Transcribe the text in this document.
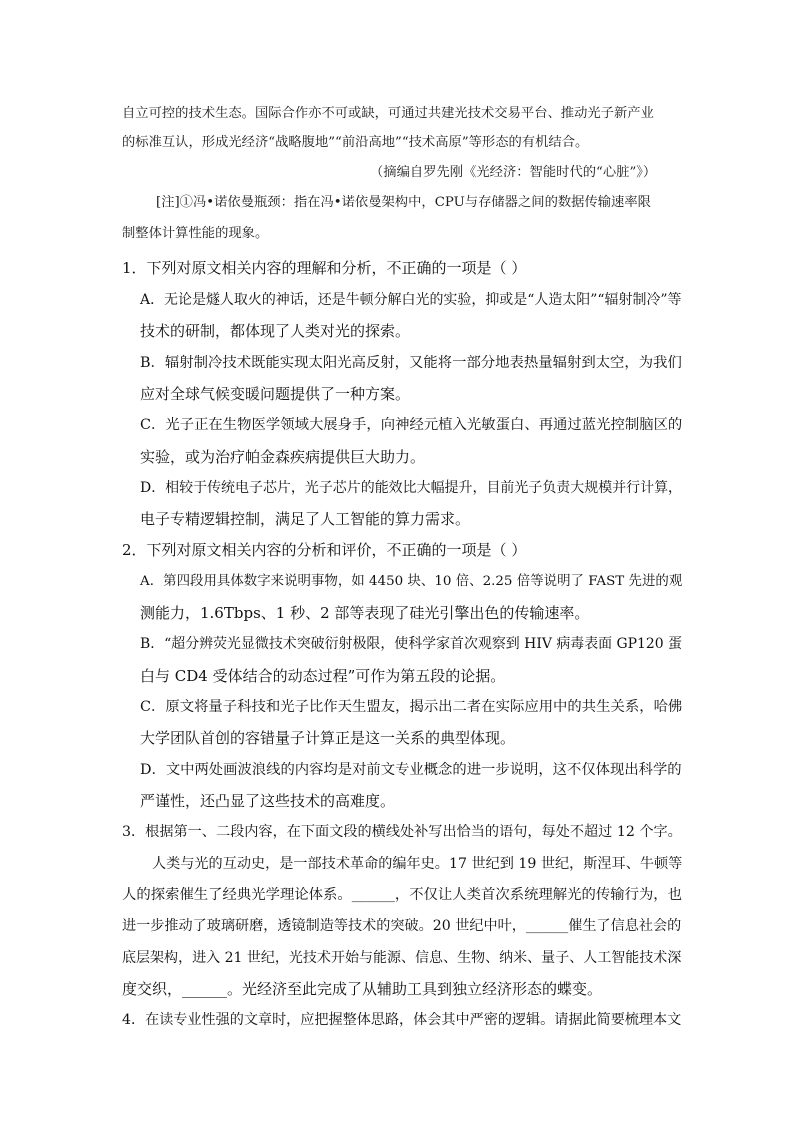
自立可控的技术生态。国际合作亦不可或缺，可通过共建光技术交易平台、推动光子新产业
的标准互认，形成光经济“战略腹地”“前沿高地”“技术高原”等形态的有机结合。
（摘编自罗先刚《光经济：智能时代的“心脏”》）
[注]①冯•诺依曼瓶颈：指在冯•诺依曼架构中，CPU与存储器之间的数据传输速率限
制整体计算性能的现象。
1．下列对原文相关内容的理解和分析，不正确的一项是（ ）
A．无论是燧人取火的神话，还是牛顿分解白光的实验，抑或是“人造太阳”“辐射制冷”等
技术的研制，都体现了人类对光的探索。
B．辐射制冷技术既能实现太阳光高反射，又能将一部分地表热量辐射到太空，为我们
应对全球气候变暖问题提供了一种方案。
C．光子正在生物医学领域大展身手，向神经元植入光敏蛋白、再通过蓝光控制脑区的
实验，或为治疗帕金森疾病提供巨大助力。
D．相较于传统电子芯片，光子芯片的能效比大幅提升，目前光子负责大规模并行计算，
电子专精逻辑控制，满足了人工智能的算力需求。
2．下列对原文相关内容的分析和评价，不正确的一项是（ ）
A．第四段用具体数字来说明事物，如 4450 块、10 倍、2.25 倍等说明了 FAST 先进的观
测能力，1.6Tbps、1 秒、2 部等表现了硅光引擎出色的传输速率。
B．“超分辨荧光显微技术突破衍射极限，使科学家首次观察到 HIV 病毒表面 GP120 蛋
白与 CD4 受体结合的动态过程”可作为第五段的论据。
C．原文将量子科技和光子比作天生盟友，揭示出二者在实际应用中的共生关系，哈佛
大学团队首创的容错量子计算正是这一关系的典型体现。
D．文中两处画波浪线的内容均是对前文专业概念的进一步说明，这不仅体现出科学的
严谨性，还凸显了这些技术的高难度。
3．根据第一、二段内容，在下面文段的横线处补写出恰当的语句，每处不超过 12 个字。
人类与光的互动史，是一部技术革命的编年史。17 世纪到 19 世纪，斯涅耳、牛顿等
人的探索催生了经典光学理论体系。______，不仅让人类首次系统理解光的传输行为，也
进一步推动了玻璃研磨，透镜制造等技术的突破。20 世纪中叶，______催生了信息社会的
底层架构，进入 21 世纪，光技术开始与能源、信息、生物、纳米、量子、人工智能技术深
度交织，______。光经济至此完成了从辅助工具到独立经济形态的蝶变。
4．在读专业性强的文章时，应把握整体思路，体会其中严密的逻辑。请据此简要梳理本文
